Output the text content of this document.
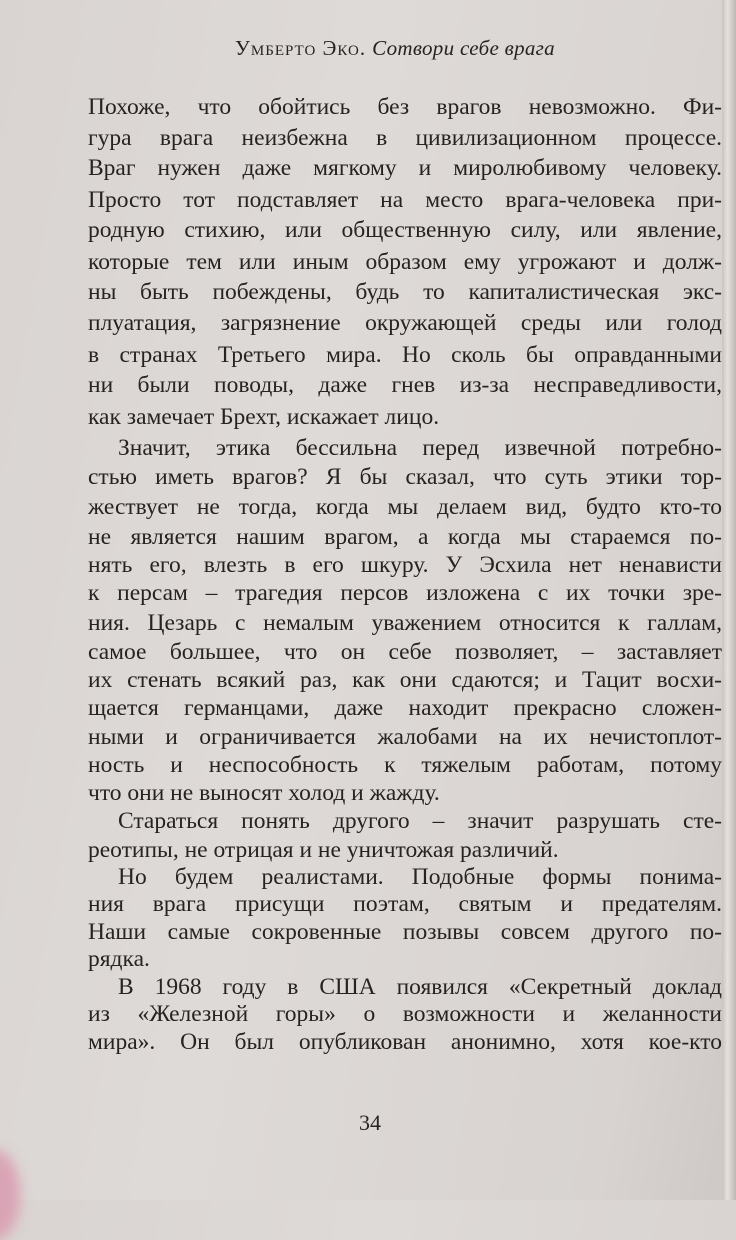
Умберто Эко. Сотвори себе врага
Похоже, что обойтись без врагов невозможно. Фи-
гура врага неизбежна в цивилизационном процессе.
Враг нужен даже мягкому и миролюбивому человеку.
Просто тот подставляет на место врага-человека при-
родную стихию, или общественную силу, или явление,
которые тем или иным образом ему угрожают и долж-
ны быть побеждены, будь то капиталистическая экс-
плуатация, загрязнение окружающей среды или голод
в странах Третьего мира. Но сколь бы оправданными
ни были поводы, даже гнев из-за несправедливости,
как замечает Брехт, искажает лицо.
Значит, этика бессильна перед извечной потребно-
стью иметь врагов? Я бы сказал, что суть этики тор-
жествует не тогда, когда мы делаем вид, будто кто-то
не является нашим врагом, а когда мы стараемся по-
нять его, влезть в его шкуру. У Эсхила нет ненависти
к персам – трагедия персов изложена с их точки зре-
ния. Цезарь с немалым уважением относится к галлам,
самое большее, что он себе позволяет, – заставляет
их стенать всякий раз, как они сдаются; и Тацит восхи-
щается германцами, даже находит прекрасно сложен-
ными и ограничивается жалобами на их нечистоплот-
ность и неспособность к тяжелым работам, потому
что они не выносят холод и жажду.
Стараться понять другого – значит разрушать сте-
реотипы, не отрицая и не уничтожая различий.
Но будем реалистами. Подобные формы понима-
ния врага присущи поэтам, святым и предателям.
Наши самые сокровенные позывы совсем другого по-
рядка.
В 1968 году в США появился «Секретный доклад
из «Железной горы» о возможности и желанности
мира». Он был опубликован анонимно, хотя кое-кто
34
